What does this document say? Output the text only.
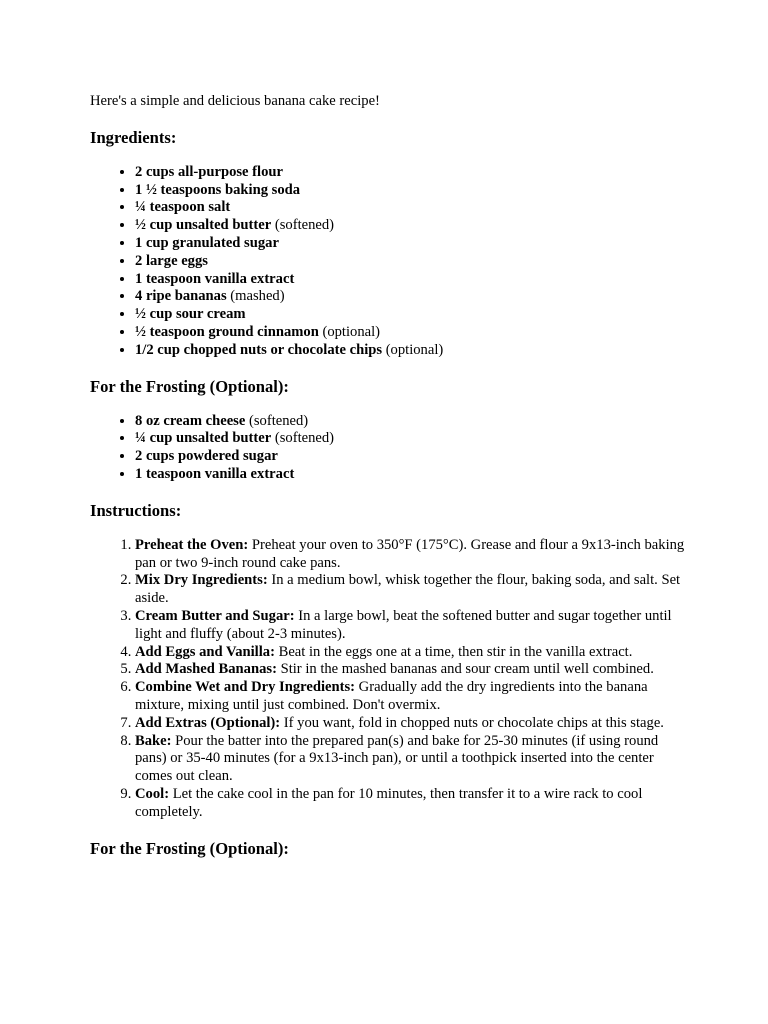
Here's a simple and delicious banana cake recipe!

Ingredients:
• 2 cups all-purpose flour
• 1 ½ teaspoons baking soda
• ¼ teaspoon salt
• ½ cup unsalted butter (softened)
• 1 cup granulated sugar
• 2 large eggs
• 1 teaspoon vanilla extract
• 4 ripe bananas (mashed)
• ½ cup sour cream
• ½ teaspoon ground cinnamon (optional)
• 1/2 cup chopped nuts or chocolate chips (optional)
For the Frosting (Optional):
• 8 oz cream cheese (softened)
• ¼ cup unsalted butter (softened)
• 2 cups powdered sugar
• 1 teaspoon vanilla extract
Instructions:
1. Preheat the Oven: Preheat your oven to 350°F (175°C). Grease and flour a 9x13-inch baking pan or two 9-inch round cake pans.
2. Mix Dry Ingredients: In a medium bowl, whisk together the flour, baking soda, and salt. Set aside.
3. Cream Butter and Sugar: In a large bowl, beat the softened butter and sugar together until light and fluffy (about 2-3 minutes).
4. Add Eggs and Vanilla: Beat in the eggs one at a time, then stir in the vanilla extract.
5. Add Mashed Bananas: Stir in the mashed bananas and sour cream until well combined.
6. Combine Wet and Dry Ingredients: Gradually add the dry ingredients into the banana mixture, mixing until just combined. Don't overmix.
7. Add Extras (Optional): If you want, fold in chopped nuts or chocolate chips at this stage.
8. Bake: Pour the batter into the prepared pan(s) and bake for 25-30 minutes (if using round pans) or 35-40 minutes (for a 9x13-inch pan), or until a toothpick inserted into the center comes out clean.
9. Cool: Let the cake cool in the pan for 10 minutes, then transfer it to a wire rack to cool completely.
For the Frosting (Optional):
